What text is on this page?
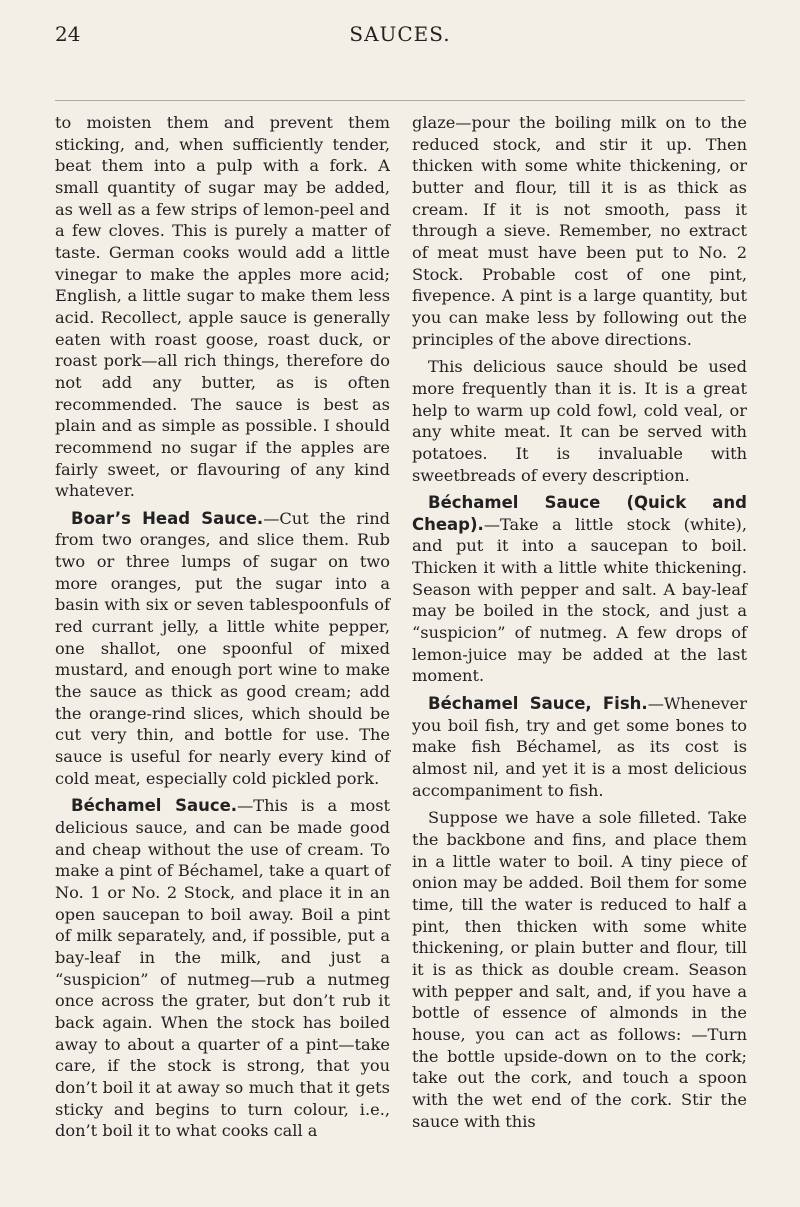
24	SAUCES.

to moisten them and prevent them sticking, and, when sufficiently tender, beat them into a pulp with a fork. A small quantity of sugar may be added, as well as a few strips of lemon-peel and a few cloves. This is purely a matter of taste. German cooks would add a little vinegar to make the apples more acid; English, a little sugar to make them less acid. Recollect, apple sauce is generally eaten with roast goose, roast duck, or roast pork—all rich things, therefore do not add any butter, as is often recommended. The sauce is best as plain and as simple as possible. I should recommend no sugar if the apples are fairly sweet, or flavouring of any kind whatever.

Boar’s Head Sauce.—Cut the rind from two oranges, and slice them. Rub two or three lumps of sugar on two more oranges, put the sugar into a basin with six or seven tablespoonfuls of red currant jelly, a little white pepper, one shallot, one spoonful of mixed mustard, and enough port wine to make the sauce as thick as good cream; add the orange-rind slices, which should be cut very thin, and bottle for use. The sauce is useful for nearly every kind of cold meat, especially cold pickled pork.

Béchamel Sauce.—This is a most delicious sauce, and can be made good and cheap without the use of cream. To make a pint of Béchamel, take a quart of No. 1 or No. 2 Stock, and place it in an open saucepan to boil away. Boil a pint of milk separately, and, if possible, put a bay-leaf in the milk, and just a “suspicion” of nutmeg—rub a nutmeg once across the grater, but don’t rub it back again. When the stock has boiled away to about a quarter of a pint—take care, if the stock is strong, that you don’t boil it at away so much that it gets sticky and begins to turn colour, i.e., don’t boil it to what cooks call a

glaze—pour the boiling milk on to the reduced stock, and stir it up. Then thicken with some white thickening, or butter and flour, till it is as thick as cream. If it is not smooth, pass it through a sieve. Remember, no extract of meat must have been put to No. 2 Stock. Probable cost of one pint, fivepence. A pint is a large quantity, but you can make less by following out the principles of the above directions.

This delicious sauce should be used more frequently than it is. It is a great help to warm up cold fowl, cold veal, or any white meat. It can be served with potatoes. It is invaluable with sweetbreads of every description.

Béchamel Sauce (Quick and Cheap).—Take a little stock (white), and put it into a saucepan to boil. Thicken it with a little white thickening. Season with pepper and salt. A bay-leaf may be boiled in the stock, and just a “suspicion” of nutmeg. A few drops of lemon-juice may be added at the last moment.

Béchamel Sauce, Fish.—Whenever you boil fish, try and get some bones to make fish Béchamel, as its cost is almost nil, and yet it is a most delicious accompaniment to fish.

Suppose we have a sole filleted. Take the backbone and fins, and place them in a little water to boil. A tiny piece of onion may be added. Boil them for some time, till the water is reduced to half a pint, then thicken with some white thickening, or plain butter and flour, till it is as thick as double cream. Season with pepper and salt, and, if you have a bottle of essence of almonds in the house, you can act as follows: —Turn the bottle upside-down on to the cork; take out the cork, and touch a spoon with the wet end of the cork. Stir the sauce with this
